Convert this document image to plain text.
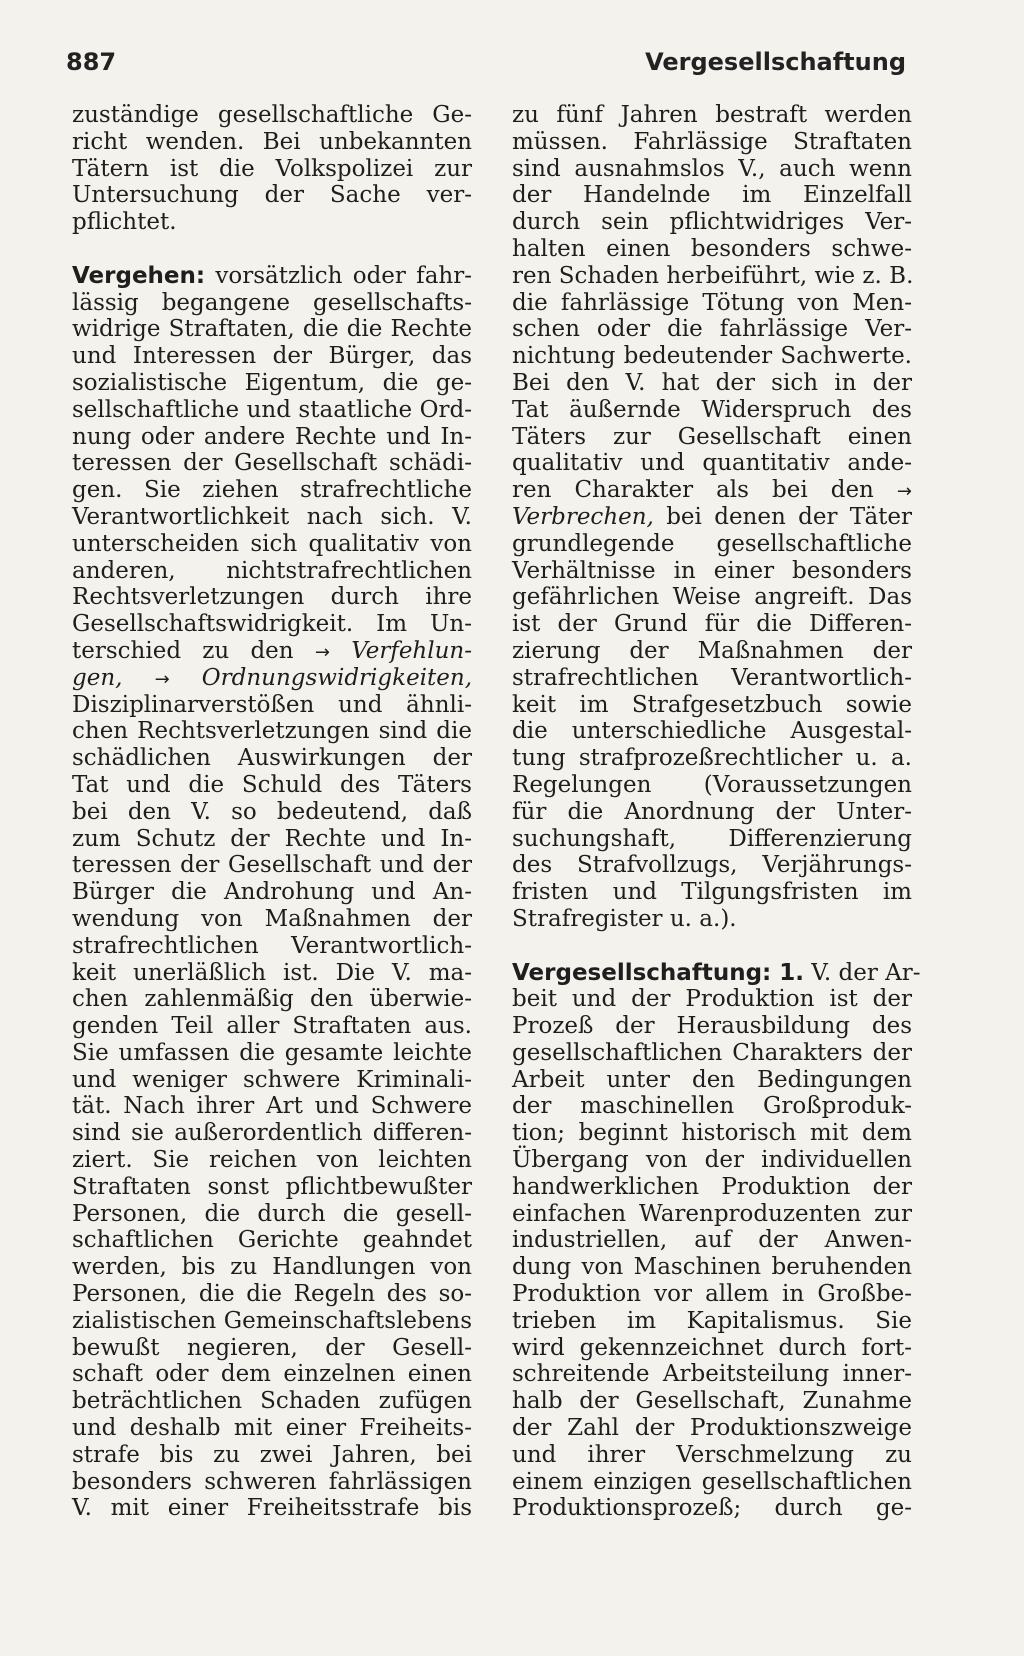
887	Vergesellschaftung
zuständige gesellschaftliche Ge-
richt wenden. Bei unbekannten
Tätern ist die Volkspolizei zur
Untersuchung der Sache ver-
pflichtet.
Vergehen: vorsätzlich oder fahr-
lässig begangene gesellschafts-
widrige Straftaten, die die Rechte
und Interessen der Bürger, das
sozialistische Eigentum, die ge-
sellschaftliche und staatliche Ord-
nung oder andere Rechte und In-
teressen der Gesellschaft schädi-
gen. Sie ziehen strafrechtliche
Verantwortlichkeit nach sich. V.
unterscheiden sich qualitativ von
anderen, nichtstrafrechtlichen
Rechtsverletzungen durch ihre
Gesellschaftswidrigkeit. Im Un-
terschied zu den → Verfehlun-
gen, → Ordnungswidrigkeiten,
Disziplinarverstößen und ähnli-
chen Rechtsverletzungen sind die
schädlichen Auswirkungen der
Tat und die Schuld des Täters
bei den V. so bedeutend, daß
zum Schutz der Rechte und In-
teressen der Gesellschaft und der
Bürger die Androhung und An-
wendung von Maßnahmen der
strafrechtlichen Verantwortlich-
keit unerläßlich ist. Die V. ma-
chen zahlenmäßig den überwie-
genden Teil aller Straftaten aus.
Sie umfassen die gesamte leichte
und weniger schwere Kriminali-
tät. Nach ihrer Art und Schwere
sind sie außerordentlich differen-
ziert. Sie reichen von leichten
Straftaten sonst pflichtbewußter
Personen, die durch die gesell-
schaftlichen Gerichte geahndet
werden, bis zu Handlungen von
Personen, die die Regeln des so-
zialistischen Gemeinschaftslebens
bewußt negieren, der Gesell-
schaft oder dem einzelnen einen
beträchtlichen Schaden zufügen
und deshalb mit einer Freiheits-
strafe bis zu zwei Jahren, bei
besonders schweren fahrlässigen
V. mit einer Freiheitsstrafe bis
zu fünf Jahren bestraft werden
müssen. Fahrlässige Straftaten
sind ausnahmslos V., auch wenn
der Handelnde im Einzelfall
durch sein pflichtwidriges Ver-
halten einen besonders schwe-
ren Schaden herbeiführt, wie z. B.
die fahrlässige Tötung von Men-
schen oder die fahrlässige Ver-
nichtung bedeutender Sachwerte.
Bei den V. hat der sich in der
Tat äußernde Widerspruch des
Täters zur Gesellschaft einen
qualitativ und quantitativ ande-
ren Charakter als bei den →
Verbrechen, bei denen der Täter
grundlegende gesellschaftliche
Verhältnisse in einer besonders
gefährlichen Weise angreift. Das
ist der Grund für die Differen-
zierung der Maßnahmen der
strafrechtlichen Verantwortlich-
keit im Strafgesetzbuch sowie
die unterschiedliche Ausgestal-
tung strafprozeßrechtlicher u. a.
Regelungen (Voraussetzungen
für die Anordnung der Unter-
suchungshaft, Differenzierung
des Strafvollzugs, Verjährungs-
fristen und Tilgungsfristen im
Strafregister u. a.).
Vergesellschaftung: 1. V. der Ar-
beit und der Produktion ist der
Prozeß der Herausbildung des
gesellschaftlichen Charakters der
Arbeit unter den Bedingungen
der maschinellen Großproduk-
tion; beginnt historisch mit dem
Übergang von der individuellen
handwerklichen Produktion der
einfachen Warenproduzenten zur
industriellen, auf der Anwen-
dung von Maschinen beruhenden
Produktion vor allem in Großbe-
trieben im Kapitalismus. Sie
wird gekennzeichnet durch fort-
schreitende Arbeitsteilung inner-
halb der Gesellschaft, Zunahme
der Zahl der Produktionszweige
und ihrer Verschmelzung zu
einem einzigen gesellschaftlichen
Produktionsprozeß; durch ge-
